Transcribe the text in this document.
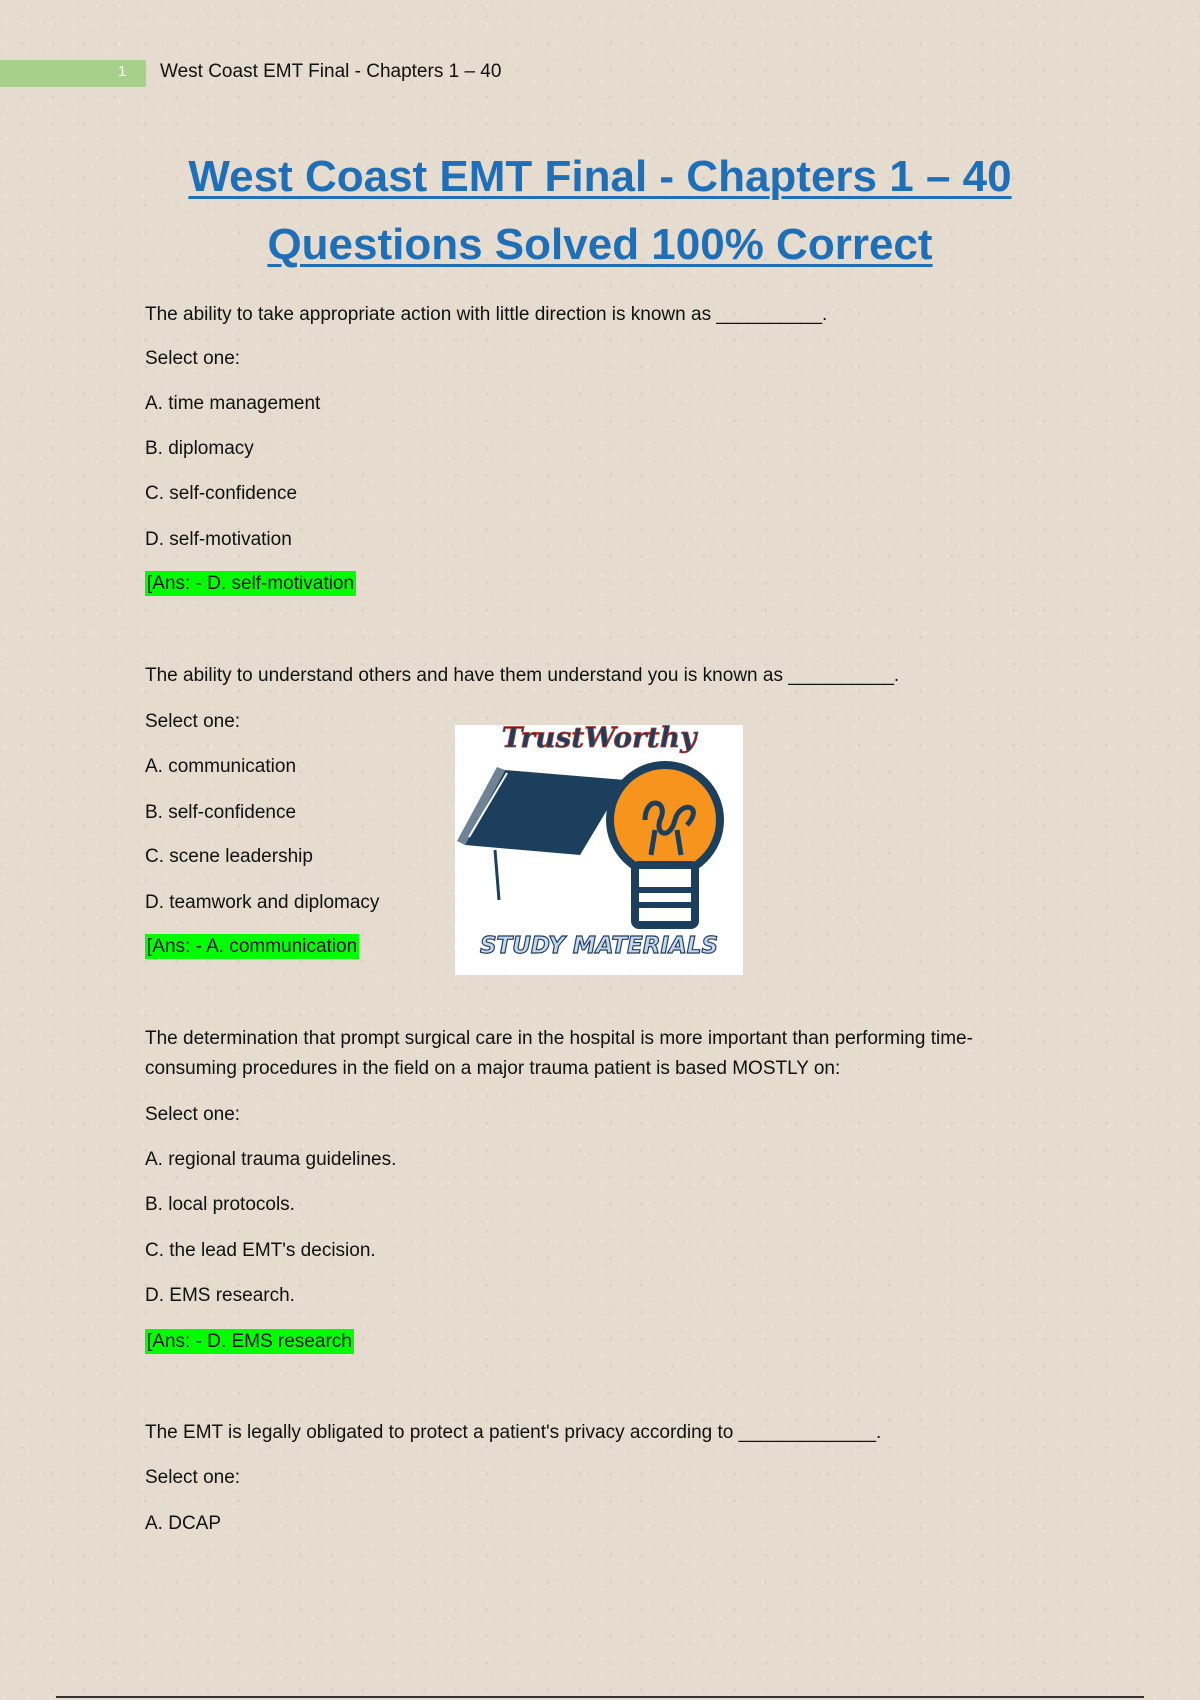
1 West Coast EMT Final - Chapters 1 – 40
West Coast EMT Final - Chapters 1 – 40
Questions Solved 100% Correct
The ability to take appropriate action with little direction is known as __________.
Select one:
A. time management
B. diplomacy
C. self-confidence
D. self-motivation
[Ans: - D. self-motivation
The ability to understand others and have them understand you is known as __________.
Select one:
A. communication
B. self-confidence
C. scene leadership
D. teamwork and diplomacy
[Ans: - A. communication
TrustWorthy
STUDY MATERIALS
The determination that prompt surgical care in the hospital is more important than performing time-
consuming procedures in the field on a major trauma patient is based MOSTLY on:
Select one:
A. regional trauma guidelines.
B. local protocols.
C. the lead EMT's decision.
D. EMS research.
[Ans: - D. EMS research
The EMT is legally obligated to protect a patient's privacy according to _____________.
Select one:
A. DCAP
